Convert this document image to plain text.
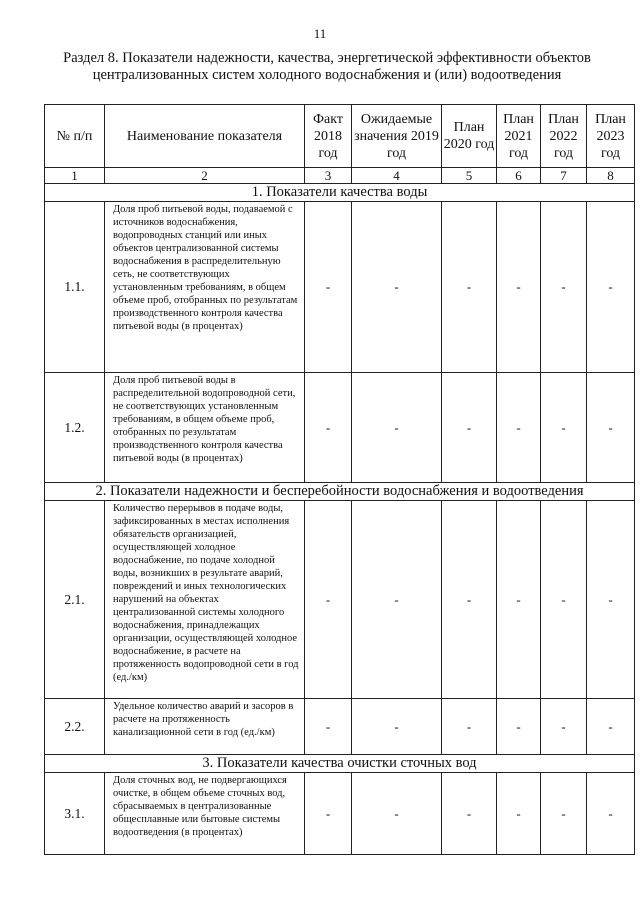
11
Раздел 8. Показатели надежности, качества, энергетической эффективности объектов централизованных систем холодного водоснабжения и (или) водоотведения
№ п/п	Наименование показателя	Факт 2018 год	Ожидаемые значения 2019 год	План 2020 год	План 2021 год	План 2022 год	План 2023 год
1	2	3	4	5	6	7	8
1. Показатели качества воды							
1.1.	Доля проб питьевой воды, подаваемой с источников водоснабжения, водопроводных станций или иных объектов централизованной системы водоснабжения в распределительную сеть, не соответствующих установленным требованиям, в общем объеме проб, отобранных по результатам производственного контроля качества питьевой воды (в процентах)	-	-	-	-	-	-
1.2.	Доля проб питьевой воды в распределительной водопроводной сети, не соответствующих установленным требованиям, в общем объеме проб, отобранных по результатам производственного контроля качества питьевой воды (в процентах)	-	-	-	-	-	-
2. Показатели надежности и бесперебойности водоснабжения и водоотведения							
2.1.	Количество перерывов в подаче воды, зафиксированных в местах исполнения обязательств организацией, осуществляющей холодное водоснабжение, по подаче холодной воды, возникших в результате аварий, повреждений и иных технологических нарушений на объектах централизованной системы холодного водоснабжения, принадлежащих организации, осуществляющей холодное водоснабжение, в расчете на протяженность водопроводной сети в год (ед./км)	-	-	-	-	-	-
2.2.	Удельное количество аварий и засоров в расчете на протяженность канализационной сети в год (ед./км)	-	-	-	-	-	-
3. Показатели качества очистки сточных вод							
3.1.	Доля сточных вод, не подвергающихся очистке, в общем объеме сточных вод, сбрасываемых в централизованные общесплавные или бытовые системы водоотведения (в процентах)	-	-	-	-	-	-
